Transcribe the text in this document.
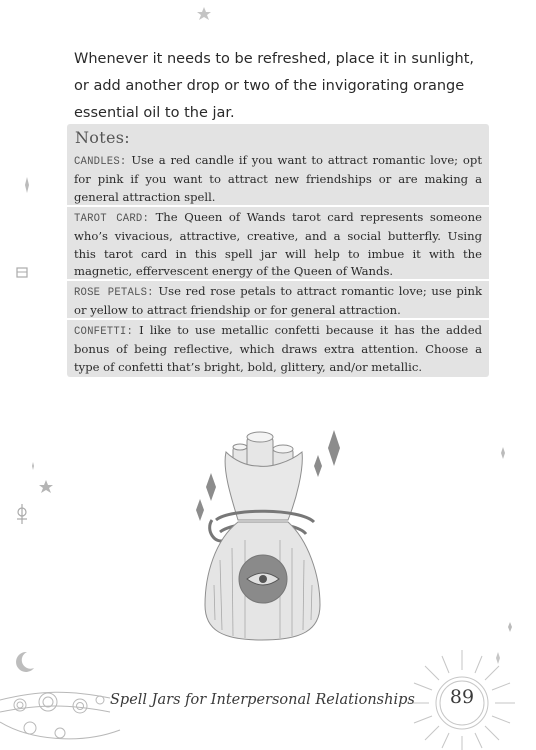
Whenever it needs to be refreshed, place it in sunlight, or add another drop or two of the invigorating orange essential oil to the jar.

Notes:

CANDLES: Use a red candle if you want to attract romantic love; opt for pink if you want to attract new friendships or are making a general attraction spell.

TAROT CARD: The Queen of Wands tarot card represents someone who’s vivacious, attractive, creative, and a social butterfly. Using this tarot card in this spell jar will help to imbue it with the magnetic, effervescent energy of the Queen of Wands.

ROSE PETALS: Use red rose petals to attract romantic love; use pink or yellow to attract friendship or for general attraction.

CONFETTI: I like to use metallic confetti because it has the added bonus of being reflective, which draws extra attention. Choose a type of confetti that’s bright, bold, glittery, and/or metallic.

Spell Jars for Interpersonal Relationships 89
